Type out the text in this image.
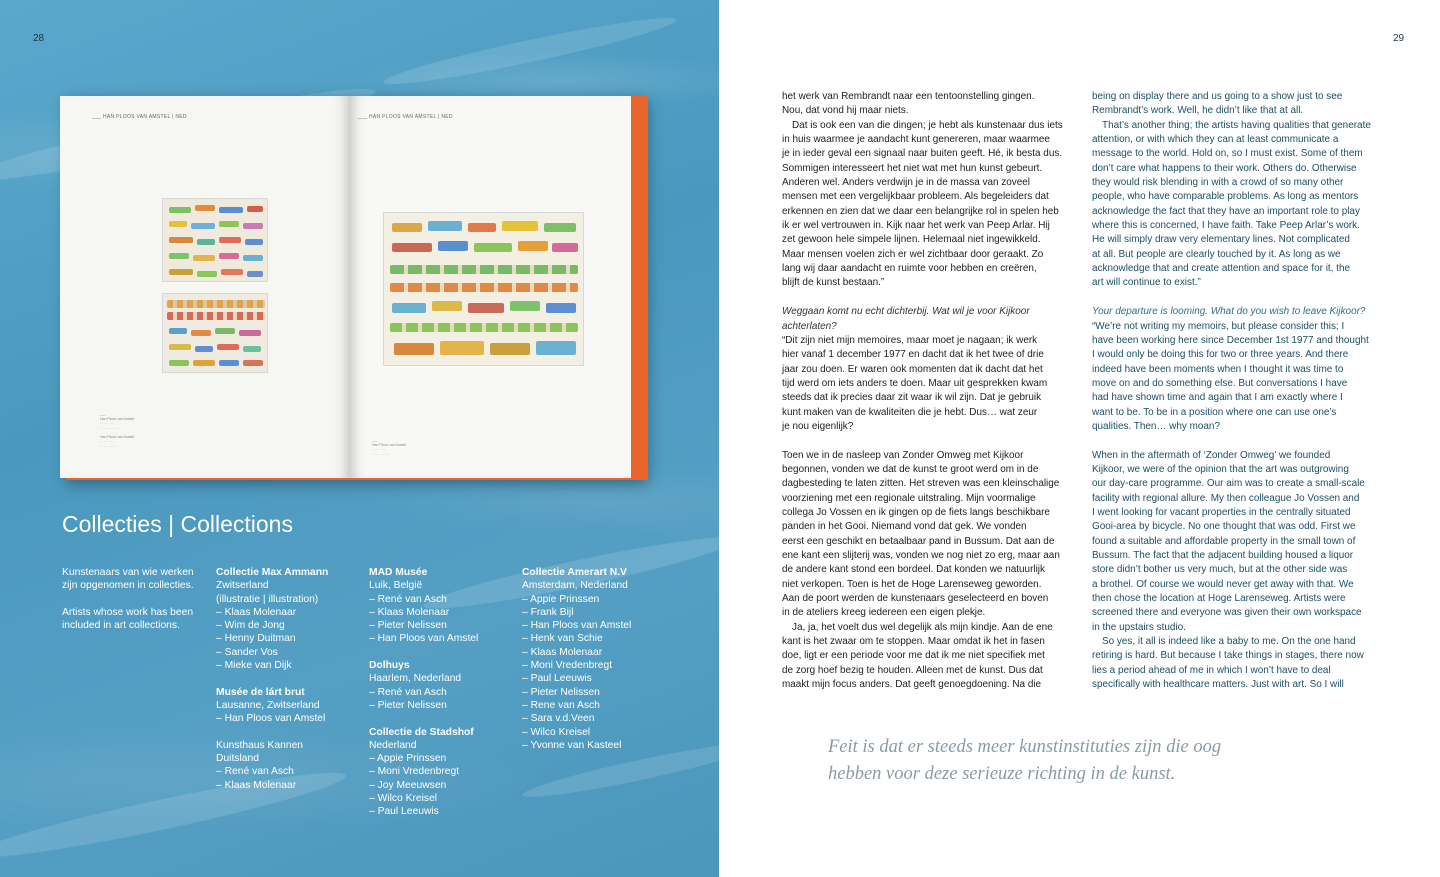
28
___ HAN PLOOS VAN AMSTEL | NED
___
Han Ploos van Amstel
· · · · · · ·
· · · · · · · · ·
Han Ploos van Amstel
· · · · · · ·
· · · · · · · · ·
___ HAN PLOOS VAN AMSTEL | NED
___
Han Ploos van Amstel
· · · · · · ·
· · · · · · · · ·
Collecties | Collections
Kunstenaars van wie werken
zijn opgenomen in collecties.
Artists whose work has been
included in art collections.
Collectie Max Ammann
Zwitserland
(illustratie | illustration)
– Klaas Molenaar
– Wim de Jong
– Henny Duitman
– Sander Vos
– Mieke van Dijk
Musée de lárt brut
Lausanne, Zwitserland
– Han Ploos van Amstel
Kunsthaus Kannen
Duitsland
– René van Asch
– Klaas Molenaar
MAD Musée
Luik, België
– René van Asch
– Klaas Molenaar
– Pieter Nelissen
– Han Ploos van Amstel
Dolhuys
Haarlem, Nederland
– René van Asch
– Pieter Nelissen
Collectie de Stadshof
Nederland
– Appie Prinssen
– Moni Vredenbregt
– Joy Meeuwsen
– Wilco Kreisel
– Paul Leeuwis
Collectie Amerart N.V
Amsterdam, Nederland
– Appie Prinssen
– Frank Bijl
– Han Ploos van Amstel
– Henk van Schie
– Klaas Molenaar
– Moni Vredenbregt
– Paul Leeuwis
– Pieter Nelissen
– Rene van Asch
– Sara v.d.Veen
– Wilco Kreisel
– Yvonne van Kasteel
29

het werk van Rembrandt naar een tentoonstelling gingen.

Nou, dat vond hij maar niets.

Dat is ook een van die dingen; je hebt als kunstenaar dus iets

in huis waarmee je aandacht kunt genereren, maar waarmee

je in ieder geval een signaal naar buiten geeft. Hé, ik besta dus.

Sommigen interesseert het niet wat met hun kunst gebeurt.

Anderen wel. Anders verdwijn je in de massa van zoveel

mensen met een vergelijkbaar probleem. Als begeleiders dat

erkennen en zien dat we daar een belangrijke rol in spelen heb

ik er wel vertrouwen in. Kijk naar het werk van Peep Arlar. Hij

zet gewoon hele simpele lijnen. Helemaal niet ingewikkeld.

Maar mensen voelen zich er wel zichtbaar door geraakt. Zo

lang wij daar aandacht en ruimte voor hebben en creëren,

blijft de kunst bestaan.”

Weggaan komt nu echt dichterbij. Wat wil je voor Kijkoor

achterlaten?

“Dit zijn niet mijn memoires, maar moet je nagaan; ik werk

hier vanaf 1 december 1977 en dacht dat ik het twee of drie

jaar zou doen. Er waren ook momenten dat ik dacht dat het

tijd werd om iets anders te doen. Maar uit gesprekken kwam

steeds dat ik precies daar zit waar ik wil zijn. Dat je gebruik

kunt maken van de kwaliteiten die je hebt. Dus… wat zeur

je nou eigenlijk?

Toen we in de nasleep van Zonder Omweg met Kijkoor

begonnen, vonden we dat de kunst te groot werd om in de

dagbesteding te laten zitten. Het streven was een kleinschalige

voorziening met een regionale uitstraling. Mijn voormalige

collega Jo Vossen en ik gingen op de fiets langs beschikbare

panden in het Gooi. Niemand vond dat gek. We vonden

eerst een geschikt en betaalbaar pand in Bussum. Dat aan de

ene kant een slijterij was, vonden we nog niet zo erg, maar aan

de andere kant stond een bordeel. Dat konden we natuurlijk

niet verkopen. Toen is het de Hoge Larenseweg geworden.

Aan de poort werden de kunstenaars geselecteerd en boven

in de ateliers kreeg iedereen een eigen plekje.

Ja, ja, het voelt dus wel degelijk als mijn kindje. Aan de ene

kant is het zwaar om te stoppen. Maar omdat ik het in fasen

doe, ligt er een periode voor me dat ik me niet specifiek met

de zorg hoef bezig te houden. Alleen met de kunst. Dus dat

maakt mijn focus anders. Dat geeft genoegdoening. Na die

being on display there and us going to a show just to see

Rembrandt’s work. Well, he didn’t like that at all.

That’s another thing; the artists having qualities that generate

attention, or with which they can at least communicate a

message to the world. Hold on, so I must exist. Some of them

don’t care what happens to their work. Others do. Otherwise

they would risk blending in with a crowd of so many other

people, who have comparable problems. As long as mentors

acknowledge the fact that they have an important role to play

where this is concerned, I have faith. Take Peep Arlar’s work.

He will simply draw very elementary lines. Not complicated

at all. But people are clearly touched by it. As long as we

acknowledge that and create attention and space for it, the

art will continue to exist.”

Your departure is looming. What do you wish to leave Kijkoor?

“We’re not writing my memoirs, but please consider this; I

have been working here since December 1st 1977 and thought

I would only be doing this for two or three years. And there

indeed have been moments when I thought it was time to

move on and do something else. But conversations I have

had have shown time and again that I am exactly where I

want to be. To be in a position where one can use one’s

qualities. Then… why moan?

When in the aftermath of ‘Zonder Omweg’ we founded

Kijkoor, we were of the opinion that the art was outgrowing

our day-care programme. Our aim was to create a small-scale

facility with regional allure. My then colleague Jo Vossen and

I went looking for vacant properties in the centrally situated

Gooi-area by bicycle. No one thought that was odd. First we

found a suitable and affordable property in the small town of

Bussum. The fact that the adjacent building housed a liquor

store didn’t bother us very much, but at the other side was

a brothel. Of course we would never get away with that. We

then chose the location at Hoge Larenseweg. Artists were

screened there and everyone was given their own workspace

in the upstairs studio.

So yes, it all is indeed like a baby to me. On the one hand

retiring is hard. But because I take things in stages, there now

lies a period ahead of me in which I won’t have to deal

specifically with healthcare matters. Just with art. So I will

Feit is dat er steeds meer kunstinstituties zijn die oog
hebben voor deze serieuze richting in de kunst.
